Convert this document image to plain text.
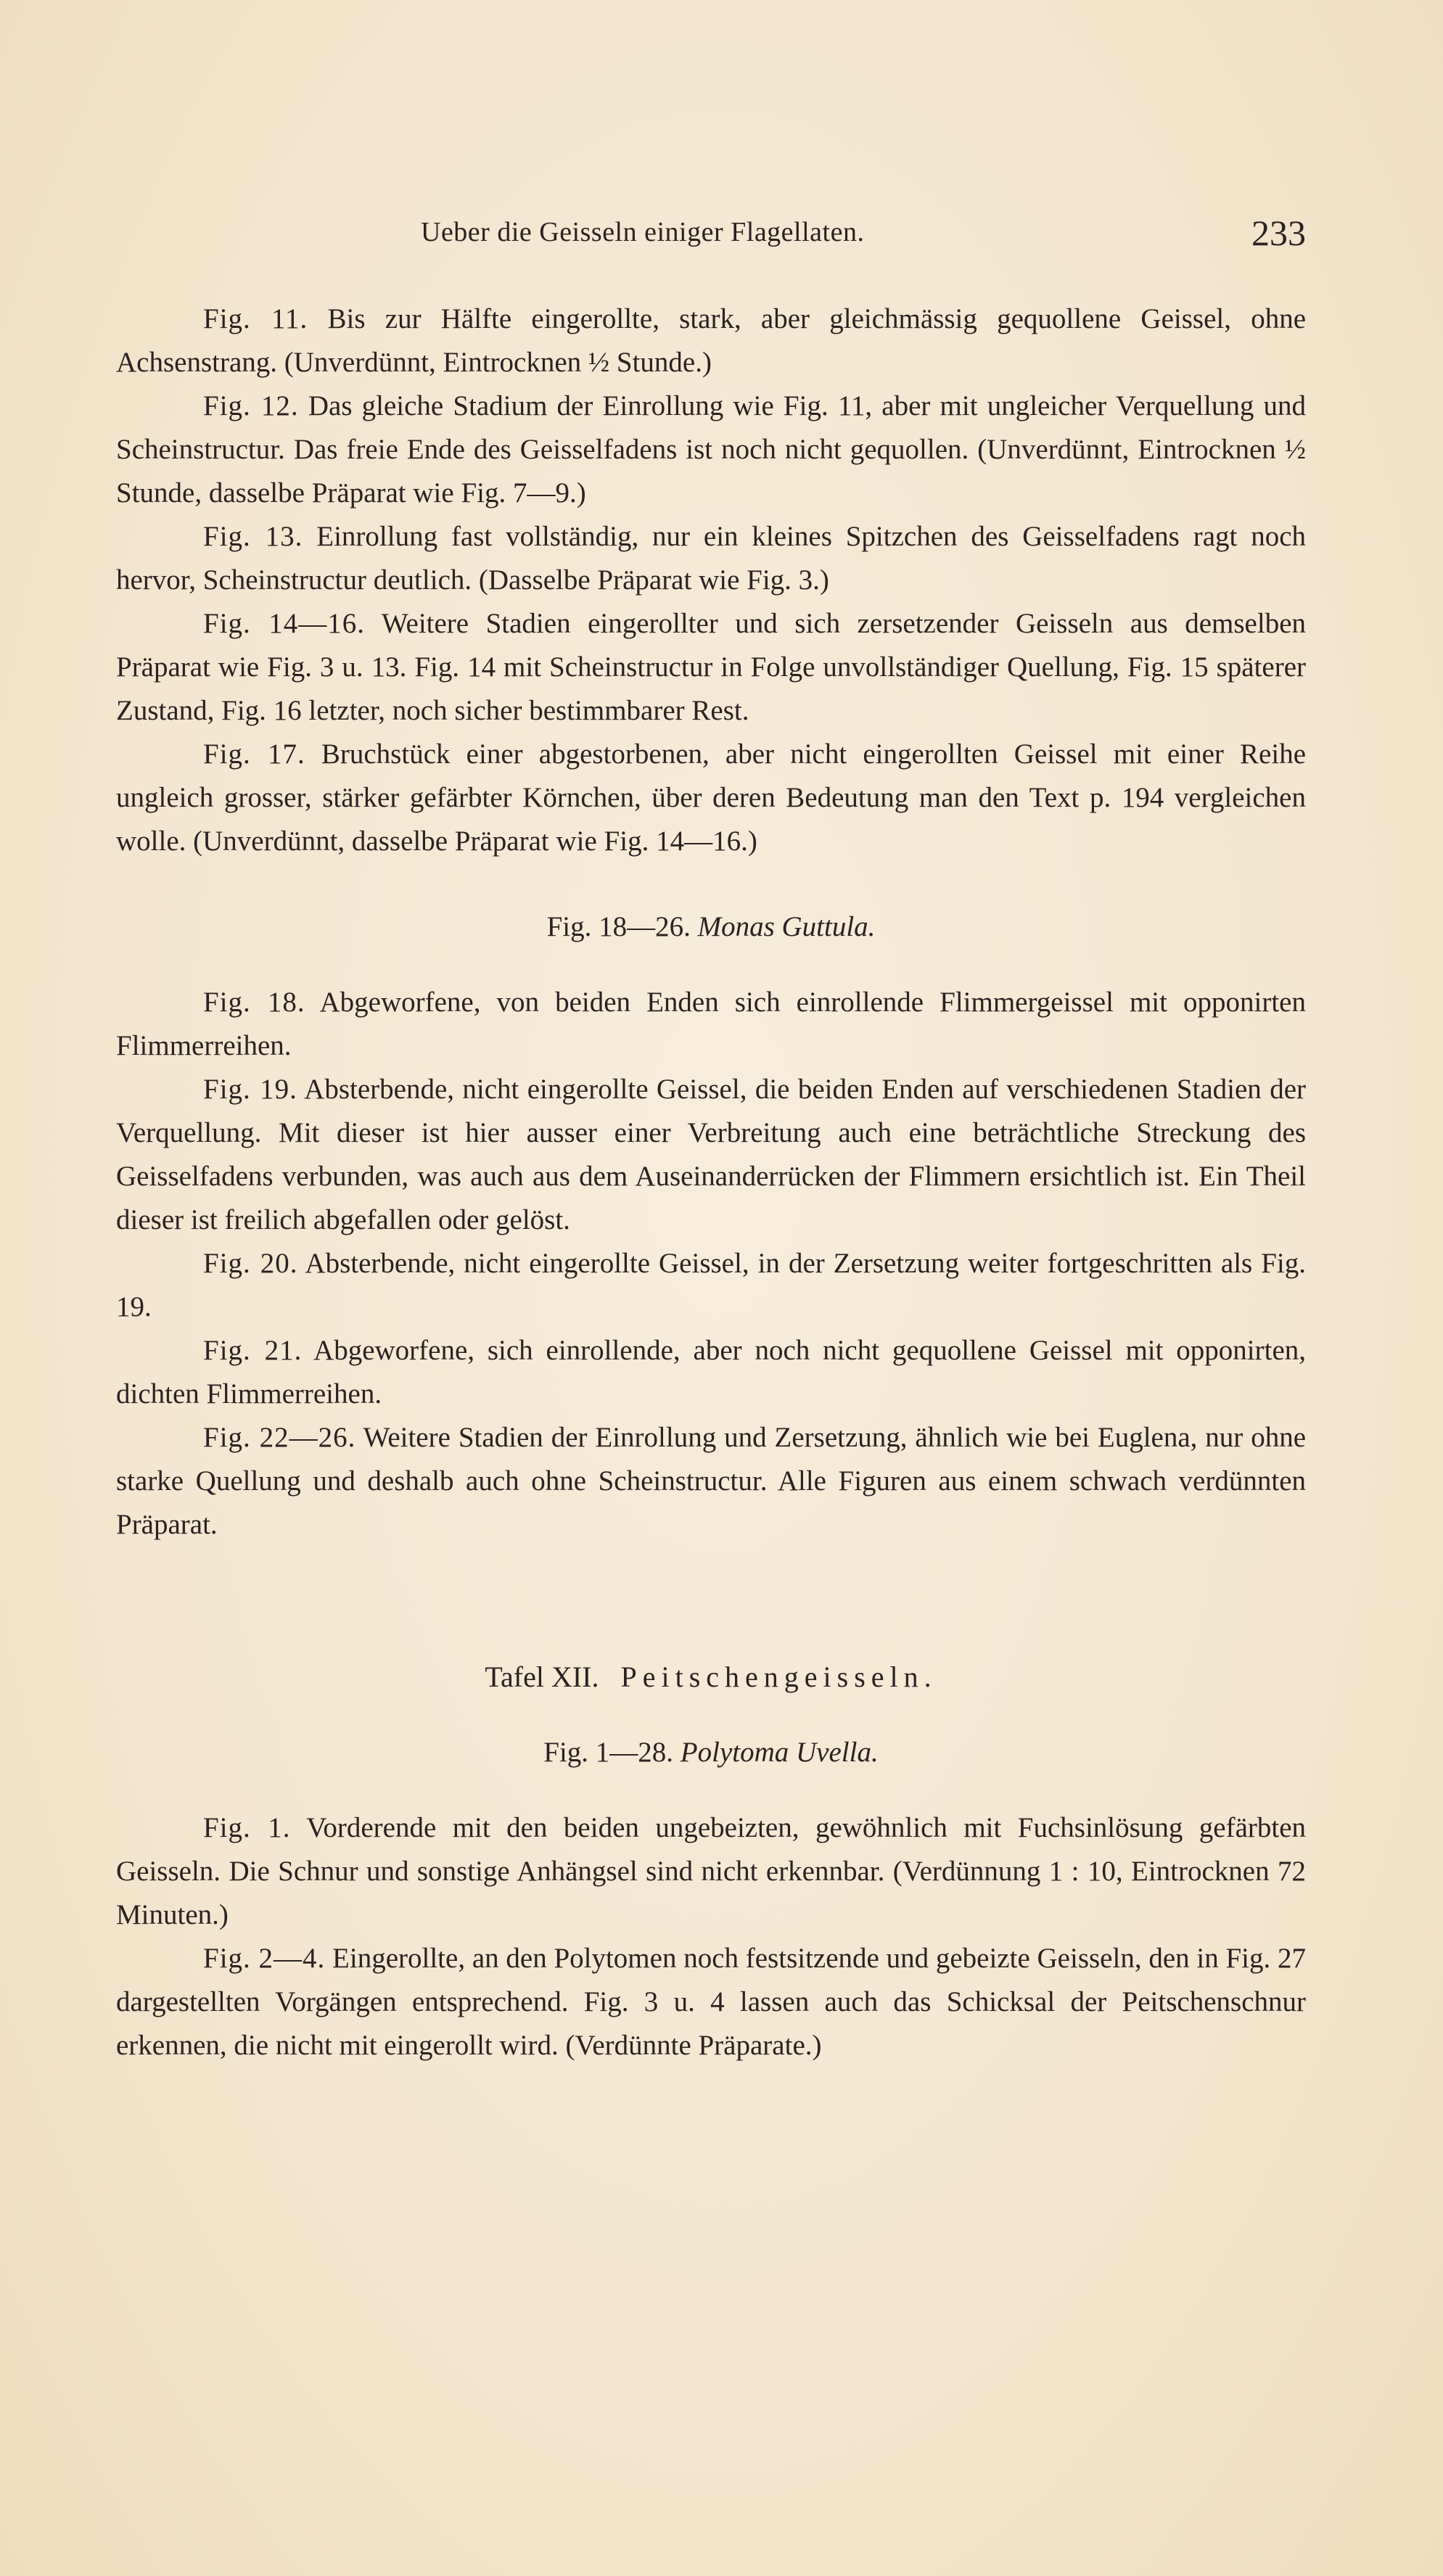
Ueber die Geisseln einiger Flagellaten.	233

Fig. 11. Bis zur Hälfte eingerollte, stark, aber gleichmässig gequollene Geissel, ohne Achsenstrang. (Unverdünnt, Eintrocknen ½ Stunde.)

Fig. 12. Das gleiche Stadium der Einrollung wie Fig. 11, aber mit ungleicher Verquellung und Scheinstructur. Das freie Ende des Geisselfadens ist noch nicht gequollen. (Unverdünnt, Eintrocknen ½ Stunde, dasselbe Präparat wie Fig. 7—9.)

Fig. 13. Einrollung fast vollständig, nur ein kleines Spitzchen des Geisselfadens ragt noch hervor, Scheinstructur deutlich. (Dasselbe Präparat wie Fig. 3.)

Fig. 14—16. Weitere Stadien eingerollter und sich zersetzender Geisseln aus demselben Präparat wie Fig. 3 u. 13. Fig. 14 mit Scheinstructur in Folge unvollständiger Quellung, Fig. 15 späterer Zustand, Fig. 16 letzter, noch sicher bestimmbarer Rest.

Fig. 17. Bruchstück einer abgestorbenen, aber nicht eingerollten Geissel mit einer Reihe ungleich grosser, stärker gefärbter Körnchen, über deren Bedeutung man den Text p. 194 vergleichen wolle. (Unverdünnt, dasselbe Präparat wie Fig. 14—16.)

Fig. 18—26. Monas Guttula.

Fig. 18. Abgeworfene, von beiden Enden sich einrollende Flimmergeissel mit opponirten Flimmerreihen.

Fig. 19. Absterbende, nicht eingerollte Geissel, die beiden Enden auf verschiedenen Stadien der Verquellung. Mit dieser ist hier ausser einer Verbreitung auch eine beträchtliche Streckung des Geisselfadens verbunden, was auch aus dem Auseinanderrücken der Flimmern ersichtlich ist. Ein Theil dieser ist freilich abgefallen oder gelöst.

Fig. 20. Absterbende, nicht eingerollte Geissel, in der Zersetzung weiter fortgeschritten als Fig. 19.

Fig. 21. Abgeworfene, sich einrollende, aber noch nicht gequollene Geissel mit opponirten, dichten Flimmerreihen.

Fig. 22—26. Weitere Stadien der Einrollung und Zersetzung, ähnlich wie bei Euglena, nur ohne starke Quellung und deshalb auch ohne Scheinstructur. Alle Figuren aus einem schwach verdünnten Präparat.

Tafel XII. Peitschengeisseln.
Fig. 1—28. Polytoma Uvella.

Fig. 1. Vorderende mit den beiden ungebeizten, gewöhnlich mit Fuchsinlösung gefärbten Geisseln. Die Schnur und sonstige Anhängsel sind nicht erkennbar. (Verdünnung 1 : 10, Eintrocknen 72 Minuten.)

Fig. 2—4. Eingerollte, an den Polytomen noch festsitzende und gebeizte Geisseln, den in Fig. 27 dargestellten Vorgängen entsprechend. Fig. 3 u. 4 lassen auch das Schicksal der Peitschenschnur erkennen, die nicht mit eingerollt wird. (Verdünnte Präparate.)
